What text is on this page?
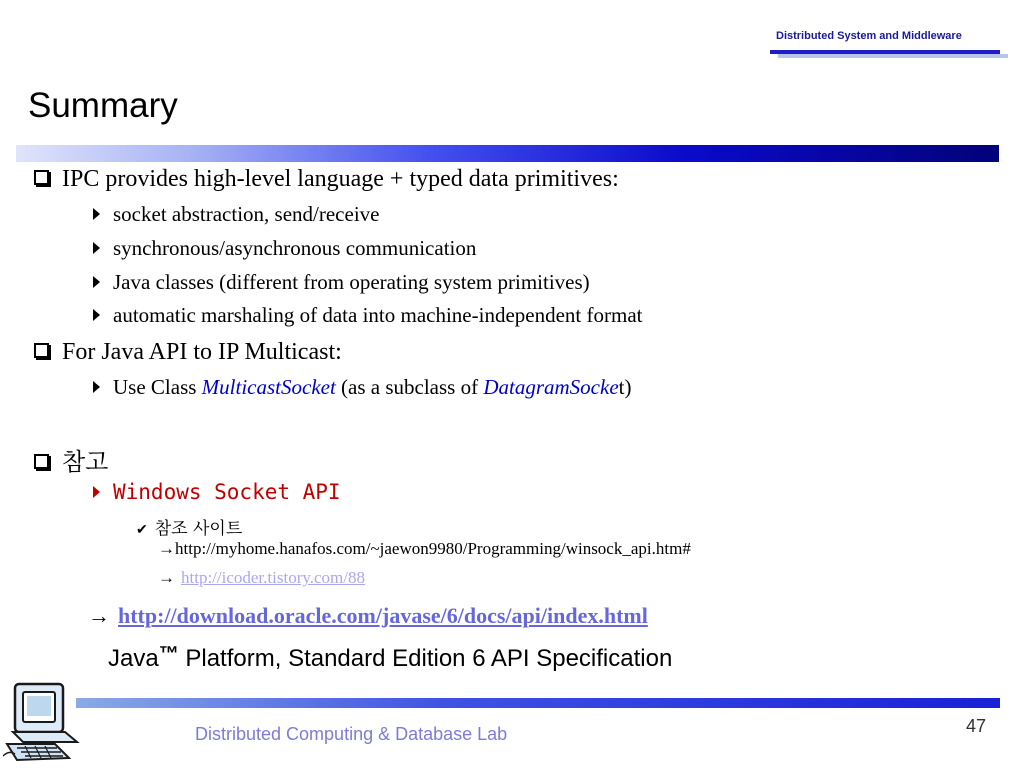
Distributed System and Middleware
Summary
IPC provides high-level language + typed data primitives:
socket abstraction, send/receive
synchronous/asynchronous communication
Java classes (different from operating system primitives)
automatic marshaling of data into machine-independent format
For Java API to IP Multicast:
Use Class MulticastSocket (as a subclass of DatagramSocket)
참고
Windows Socket API
✔ 참조 사이트
→http://myhome.hanafos.com/~jaewon9980/Programming/winsock_api.htm#
→ http://icoder.tistory.com/88
→ http://download.oracle.com/javase/6/docs/api/index.html
Java™ Platform, Standard Edition 6 API Specification
Distributed Computing & Database Lab	47
